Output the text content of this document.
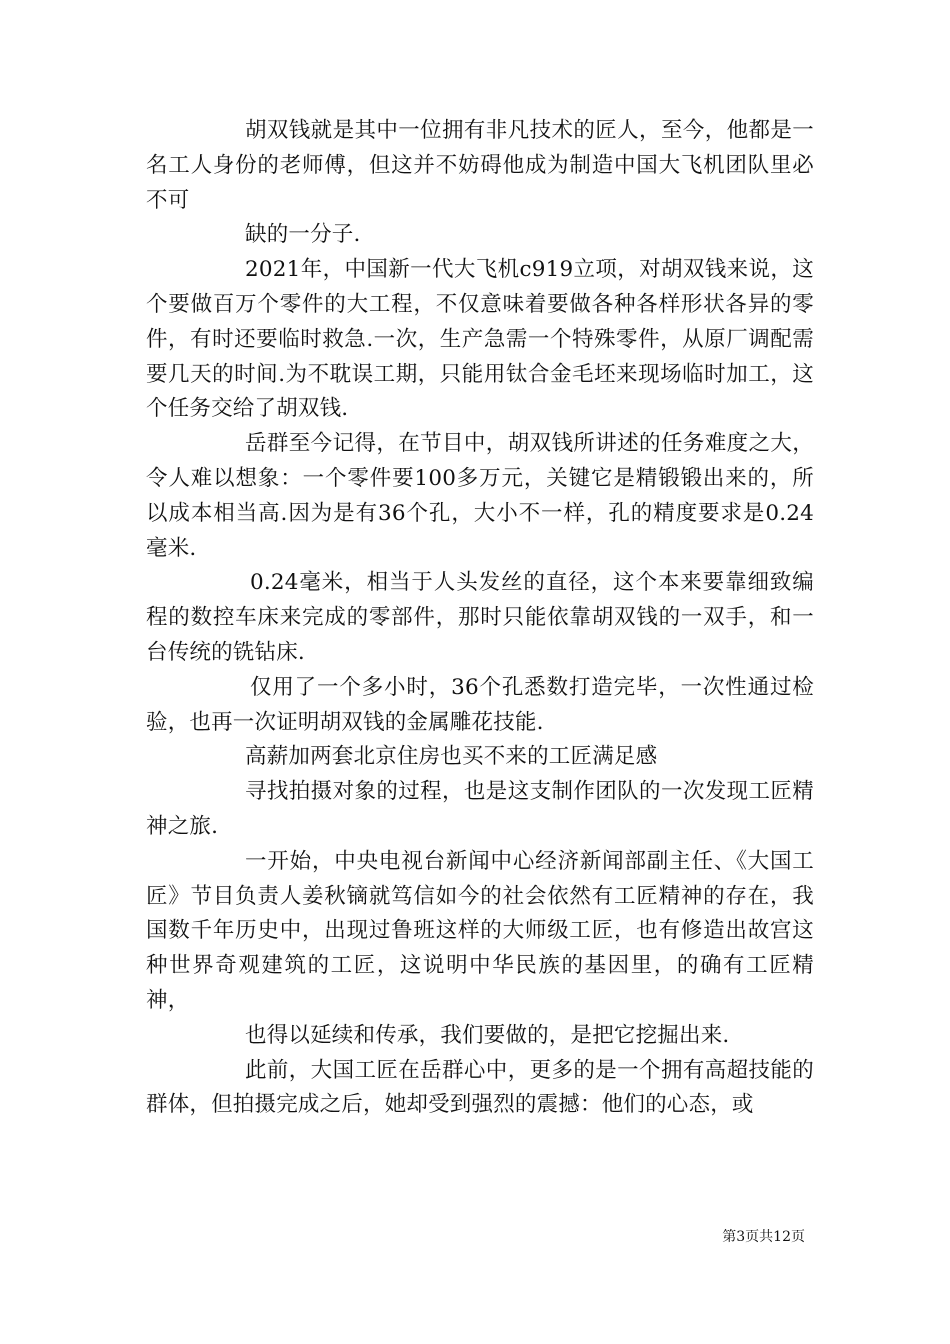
胡双钱就是其中一位拥有非凡技术的匠人，至今，他都是一名工人身份的老师傅，但这并不妨碍他成为制造中国大飞机团队里必不可

缺的一分子.

2021年，中国新一代大飞机c919立项，对胡双钱来说，这个要做百万个零件的大工程，不仅意味着要做各种各样形状各异的零件，有时还要临时救急.一次，生产急需一个特殊零件，从原厂调配需要几天的时间.为不耽误工期，只能用钛合金毛坯来现场临时加工，这个任务交给了胡双钱.

岳群至今记得，在节目中，胡双钱所讲述的任务难度之大，令人难以想象：一个零件要100多万元，关键它是精锻锻出来的，所以成本相当高.因为是有36个孔，大小不一样，孔的精度要求是0.24毫米.

0.24毫米，相当于人头发丝的直径，这个本来要靠细致编程的数控车床来完成的零部件，那时只能依靠胡双钱的一双手，和一台传统的铣钻床.

仅用了一个多小时，36个孔悉数打造完毕，一次性通过检验，也再一次证明胡双钱的金属雕花技能.

高薪加两套北京住房也买不来的工匠满足感

寻找拍摄对象的过程，也是这支制作团队的一次发现工匠精神之旅.

一开始，中央电视台新闻中心经济新闻部副主任、《大国工匠》节目负责人姜秋镝就笃信如今的社会依然有工匠精神的存在，我国数千年历史中，出现过鲁班这样的大师级工匠，也有修造出故宫这种世界奇观建筑的工匠，这说明中华民族的基因里，的确有工匠精神，

也得以延续和传承，我们要做的，是把它挖掘出来.

此前，大国工匠在岳群心中，更多的是一个拥有高超技能的群体，但拍摄完成之后，她却受到强烈的震撼：他们的心态，或

第3页共12页
